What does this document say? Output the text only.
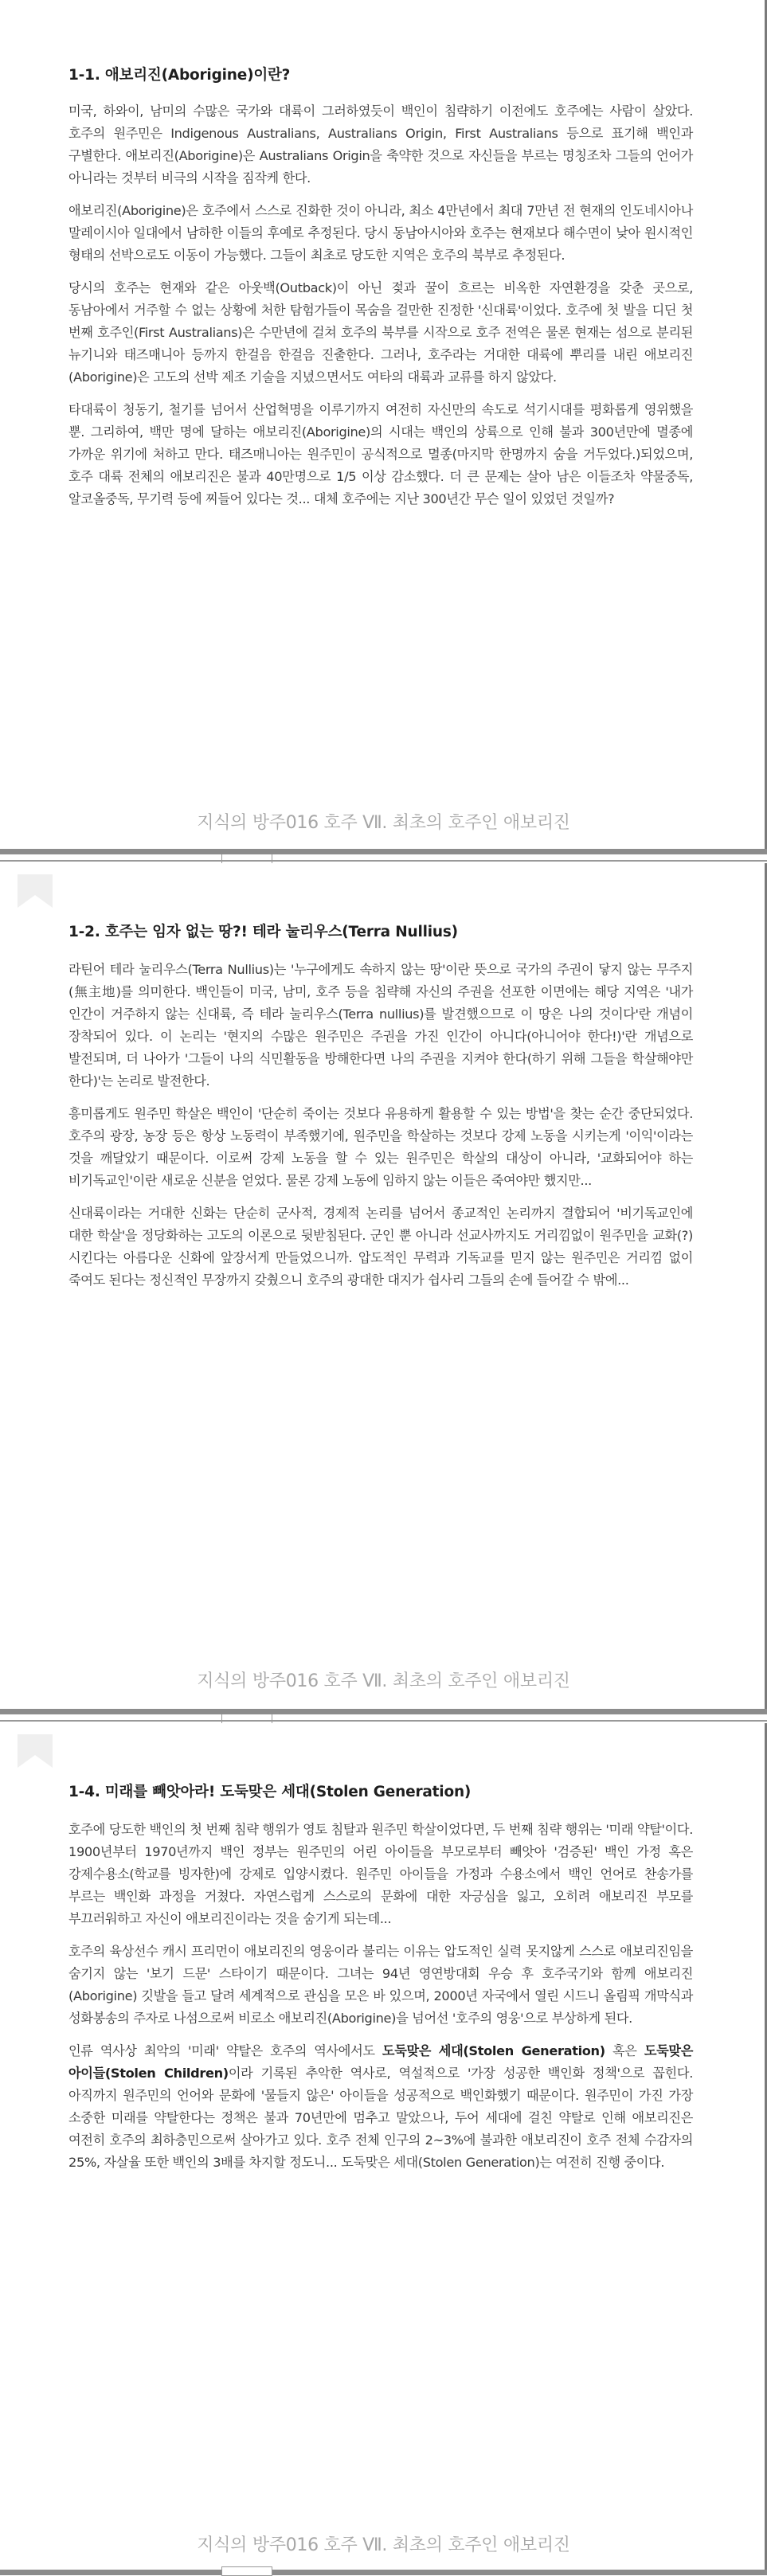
1-1. 애보리진(Aborigine)이란?

미국, 하와이, 남미의 수많은 국가와 대륙이 그러하였듯이 백인이 침략하기 이전에도 호주에는 사람이 살았다. 호주의 원주민은 Indigenous Australians, Australians Origin, First Australians 등으로 표기해 백인과 구별한다. 애보리진(Aborigine)은 Australians Origin을 축약한 것으로 자신들을 부르는 명칭조차 그들의 언어가 아니라는 것부터 비극의 시작을 짐작케 한다.

애보리진(Aborigine)은 호주에서 스스로 진화한 것이 아니라, 최소 4만년에서 최대 7만년 전 현재의 인도네시아나 말레이시아 일대에서 남하한 이들의 후예로 추정된다. 당시 동남아시아와 호주는 현재보다 해수면이 낮아 원시적인 형태의 선박으로도 이동이 가능했다. 그들이 최초로 당도한 지역은 호주의 북부로 추정된다.

당시의 호주는 현재와 같은 아웃백(Outback)이 아닌 젖과 꿀이 흐르는 비옥한 자연환경을 갖춘 곳으로, 동남아에서 거주할 수 없는 상황에 처한 탐험가들이 목숨을 걸만한 진정한 '신대륙'이었다. 호주에 첫 발을 디딘 첫 번째 호주인(First Australians)은 수만년에 걸쳐 호주의 북부를 시작으로 호주 전역은 물론 현재는 섬으로 분리된 뉴기니와 태즈매니아 등까지 한걸음 한걸음 진출한다. 그러나, 호주라는 거대한 대륙에 뿌리를 내린 애보리진(Aborigine)은 고도의 선박 제조 기술을 지녔으면서도 여타의 대륙과 교류를 하지 않았다.

타대륙이 청동기, 철기를 넘어서 산업혁명을 이루기까지 여전히 자신만의 속도로 석기시대를 평화롭게 영위했을 뿐. 그리하여, 백만 명에 달하는 애보리진(Aborigine)의 시대는 백인의 상륙으로 인해 불과 300년만에 멸종에 가까운 위기에 처하고 만다. 태즈매니아는 원주민이 공식적으로 멸종(마지막 한명까지 숨을 거두었다.)되었으며, 호주 대륙 전체의 애보리진은 불과 40만명으로 1/5 이상 감소했다. 더 큰 문제는 살아 남은 이들조차 약물중독, 알코올중독, 무기력 등에 찌들어 있다는 것... 대체 호주에는 지난 300년간 무슨 일이 있었던 것일까?

지식의 방주016 호주 Ⅶ. 최초의 호주인 애보리진
1-2. 호주는 임자 없는 땅?! 테라 눌리우스(Terra Nullius)

라틴어 테라 눌리우스(Terra Nullius)는 '누구에게도 속하지 않는 땅'이란 뜻으로 국가의 주권이 닿지 않는 무주지(無主地)를 의미한다. 백인들이 미국, 남미, 호주 등을 침략해 자신의 주권을 선포한 이면에는 해당 지역은 '내가 인간이 거주하지 않는 신대륙, 즉 테라 눌리우스(Terra nullius)를 발견했으므로 이 땅은 나의 것이다'란 개념이 장착되어 있다. 이 논리는 '현지의 수많은 원주민은 주권을 가진 인간이 아니다(아니어야 한다!)'란 개념으로 발전되며, 더 나아가 '그들이 나의 식민활동을 방해한다면 나의 주권을 지켜야 한다(하기 위해 그들을 학살해야만 한다)'는 논리로 발전한다.

흥미롭게도 원주민 학살은 백인이 '단순히 죽이는 것보다 유용하게 활용할 수 있는 방법'을 찾는 순간 중단되었다. 호주의 광장, 농장 등은 항상 노동력이 부족했기에, 원주민을 학살하는 것보다 강제 노동을 시키는게 '이익'이라는 것을 깨달았기 때문이다. 이로써 강제 노동을 할 수 있는 원주민은 학살의 대상이 아니라, '교화되어야 하는 비기독교인'이란 새로운 신분을 얻었다. 물론 강제 노동에 임하지 않는 이들은 죽여야만 했지만...

신대륙이라는 거대한 신화는 단순히 군사적, 경제적 논리를 넘어서 종교적인 논리까지 결합되어 '비기독교인에 대한 학살'을 정당화하는 고도의 이론으로 뒷받침된다. 군인 뿐 아니라 선교사까지도 거리낌없이 원주민을 교화(?)시킨다는 아름다운 신화에 앞장서게 만들었으니까. 압도적인 무력과 기독교를 믿지 않는 원주민은 거리낌 없이 죽여도 된다는 정신적인 무장까지 갖췄으니 호주의 광대한 대지가 쉽사리 그들의 손에 들어갈 수 밖에...

지식의 방주016 호주 Ⅶ. 최초의 호주인 애보리진
1-4. 미래를 빼앗아라! 도둑맞은 세대(Stolen Generation)

호주에 당도한 백인의 첫 번째 침략 행위가 영토 침탈과 원주민 학살이었다면, 두 번째 침략 행위는 '미래 약탈'이다. 1900년부터 1970년까지 백인 정부는 원주민의 어린 아이들을 부모로부터 빼앗아 '검증된' 백인 가정 혹은 강제수용소(학교를 빙자한)에 강제로 입양시켰다. 원주민 아이들을 가정과 수용소에서 백인 언어로 찬송가를 부르는 백인화 과정을 거쳤다. 자연스럽게 스스로의 문화에 대한 자긍심을 잃고, 오히려 애보리진 부모를 부끄러워하고 자신이 애보리진이라는 것을 숨기게 되는데...

호주의 육상선수 캐시 프리먼이 애보리진의 영웅이라 불리는 이유는 압도적인 실력 못지않게 스스로 애보리진임을 숨기지 않는 '보기 드문' 스타이기 때문이다. 그녀는 94년 영연방대회 우승 후 호주국기와 함께 애보리진(Aborigine) 깃발을 들고 달려 세계적으로 관심을 모은 바 있으며, 2000년 자국에서 열린 시드니 올림픽 개막식과 성화봉송의 주자로 나섬으로써 비로소 애보리진(Aborigine)을 넘어선 '호주의 영웅'으로 부상하게 된다.

인류 역사상 최악의 '미래' 약탈은 호주의 역사에서도 도둑맞은 세대(Stolen Generation) 혹은 도둑맞은 아이들(Stolen Children)이라 기록된 추악한 역사로, 역설적으로 '가장 성공한 백인화 정책'으로 꼽힌다. 아직까지 원주민의 언어와 문화에 '물들지 않은' 아이들을 성공적으로 백인화했기 때문이다. 원주민이 가진 가장 소중한 미래를 약탈한다는 정책은 불과 70년만에 멈추고 말았으나, 두어 세대에 걸친 약탈로 인해 애보리진은 여전히 호주의 최하층민으로써 살아가고 있다. 호주 전체 인구의 2~3%에 불과한 애보리진이 호주 전체 수감자의 25%, 자살율 또한 백인의 3배를 차지할 정도니... 도둑맞은 세대(Stolen Generation)는 여전히 진행 중이다.

지식의 방주016 호주 Ⅶ. 최초의 호주인 애보리진
